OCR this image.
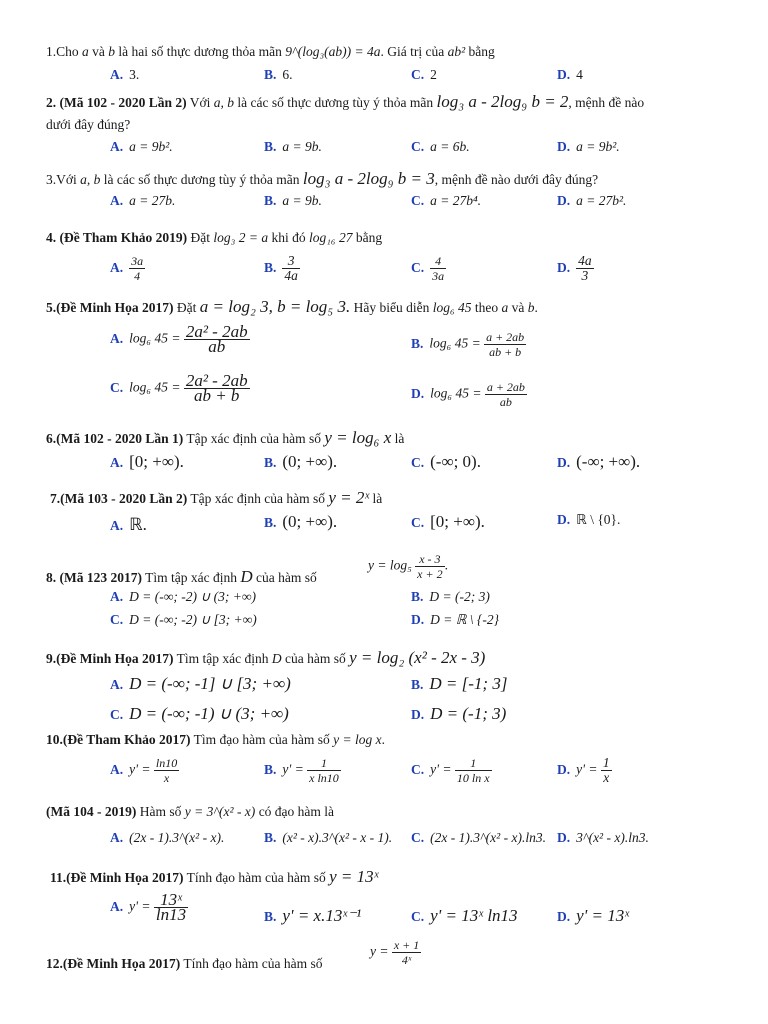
1.Cho a và b là hai số thực dương thỏa mãn 9^(log₃(ab)) = 4a. Giá trị của ab² bằng
A. 3.	B. 6.	C. 2	D. 4
2. (Mã 102 - 2020 Lần 2) Với a, b là các số thực dương tùy ý thỏa mãn log₃ a - 2log₉ b = 2, mệnh đề nào
dưới đây đúng?
A. a = 9b².	B. a = 9b.	C. a = 6b.	D. a = 9b².
3.Với a, b là các số thực dương tùy ý thỏa mãn log₃ a - 2log₉ b = 3, mệnh đề nào dưới đây đúng?
A. a = 27b.	B. a = 9b.	C. a = 27b⁴.	D. a = 27b².
4. (Đề Tham Khảo 2019) Đặt log₃ 2 = a khi đó log₁₆ 27 bằng
A. $\frac{3a}{4}$	B. $\frac{3}{4a}$	C. $\frac{4}{3a}$	D. $\frac{4a}{3}$
5.(Đề Minh Họa 2017) Đặt a = log₂ 3, b = log₅ 3. Hãy biểu diễn log₆ 45 theo a và b.
A. log₆ $45 = \frac{\text{2a² - 2ab}}{ab}$	B. log₆ $45 = \frac{a + 2ab}{ab + b}$
C. log₆ $45 = \frac{\text{2a² - 2ab}}{ab + b}$	D. log₆ $45 = \frac{a + 2ab}{ab}$
6.(Mã 102 - 2020 Lần 1) Tập xác định của hàm số y = log₆ x là
A. [0; +∞).	B. (0; +∞).	C. (-∞; 0).	D. (-∞; +∞).
7.(Mã 103 - 2020 Lần 2) Tập xác định của hàm số y = 2ˣ là
A. ℝ.	B. (0; +∞).	C. [0; +∞).	D. ℝ \ {0}.
8. (Mã 123 2017) Tìm tập xác định D của hàm số
$y = \log_5 \frac{x - 3}{x + 2}$ .
A. D = (-∞; -2) ∪ (3; +∞)	B. D = (-2; 3)
C. D = (-∞; -2) ∪ [3; +∞)	D. D = ℝ \ {-2}
9.(Đề Minh Họa 2017) Tìm tập xác định D của hàm số y = log₂ (x² - 2x - 3)
A. D = (-∞; -1] ∪ [3; +∞)	B. D = [-1; 3]
C. D = (-∞; -1) ∪ (3; +∞)	D. D = (-1; 3)
10.(Đề Tham Khảo 2017) Tìm đạo hàm của hàm số y = log x.
A. $y' = \frac{\ln 10}{x}$	B. $y' = \frac{1}{\text{x ln10}}$	C. $y' = \frac{1}{\text{10 ln x}}$	D. $y' = \frac{1}{x}$
(Mã 104 - 2019) Hàm số y = 3^(x² - x) có đạo hàm là
A. (2x - 1).3^(x² - x).	B. (x² - x).3^(x² - x - 1). C. (2x - 1).3^(x² - x).ln3. D. 3^(x² - x).ln3.
11.(Đề Minh Họa 2017) Tính đạo hàm của hàm số y = 13ˣ
A. $y' = \frac{\text{13ˣ}}{\ln 13}$	B. y' = x.13ˣ⁻¹	C. y' = 13ˣ ln13	D. y' = 13ˣ
12.(Đề Minh Họa 2017) Tính đạo hàm của hàm số
$y = \frac{x + 1}{\text{4ˣ}}$
